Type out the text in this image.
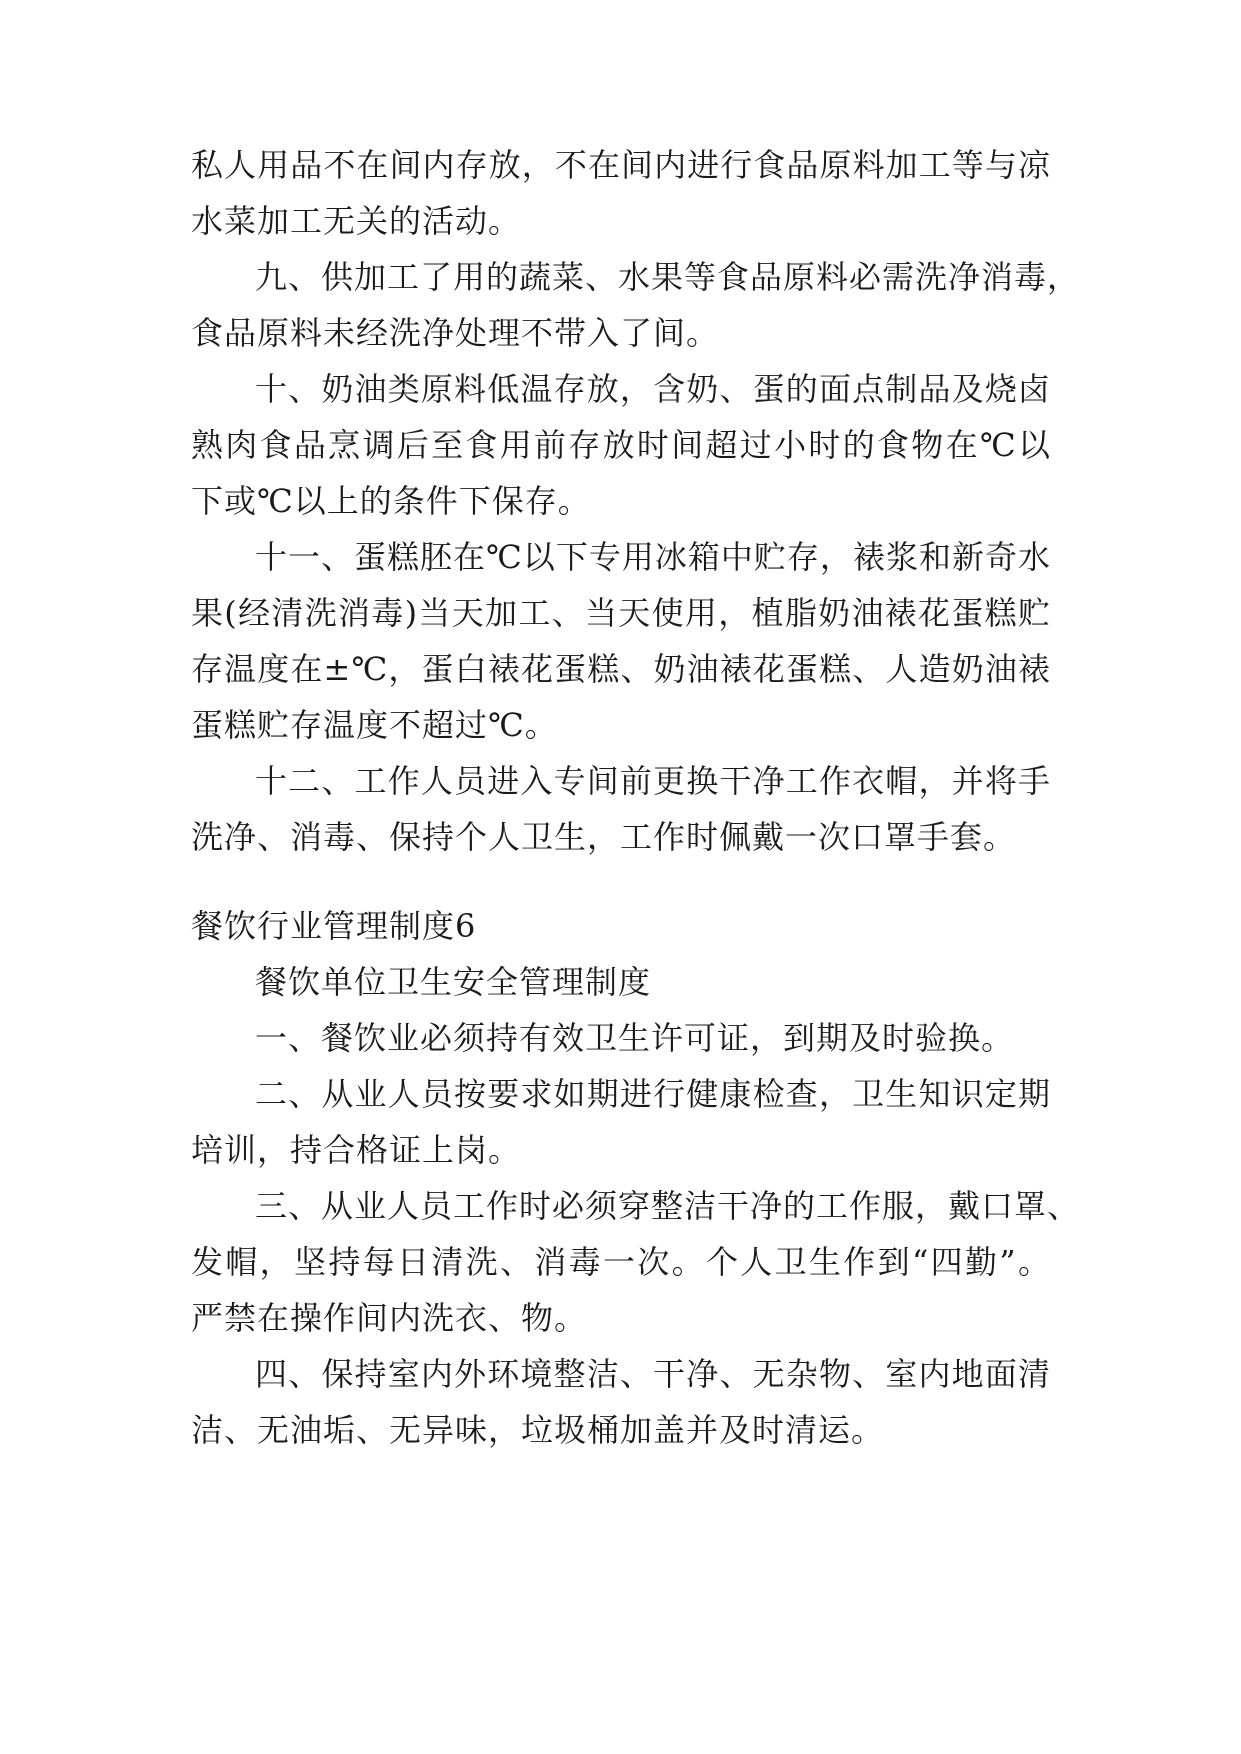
私人用品不在间内存放，不在间内进行食品原料加工等与凉

水菜加工无关的活动。

九、供加工了用的蔬菜、水果等食品原料必需洗净消毒，

食品原料未经洗净处理不带入了间。

十、奶油类原料低温存放，含奶、蛋的面点制品及烧卤

熟肉食品烹调后至食用前存放时间超过小时的食物在℃以

下或℃以上的条件下保存。

十一、蛋糕胚在℃以下专用冰箱中贮存，裱浆和新奇水

果(经清洗消毒)当天加工、当天使用，植脂奶油裱花蛋糕贮

存温度在±℃，蛋白裱花蛋糕、奶油裱花蛋糕、人造奶油裱

蛋糕贮存温度不超过℃。

十二、工作人员进入专间前更换干净工作衣帽，并将手

洗净、消毒、保持个人卫生，工作时佩戴一次口罩手套。

餐饮行业管理制度6

餐饮单位卫生安全管理制度

一、餐饮业必须持有效卫生许可证，到期及时验换。

二、从业人员按要求如期进行健康检查，卫生知识定期

培训，持合格证上岗。

三、从业人员工作时必须穿整洁干净的工作服，戴口罩、

发帽，坚持每日清洗、消毒一次。个人卫生作到“四勤”。

严禁在操作间内洗衣、物。

四、保持室内外环境整洁、干净、无杂物、室内地面清

洁、无油垢、无异味，垃圾桶加盖并及时清运。
